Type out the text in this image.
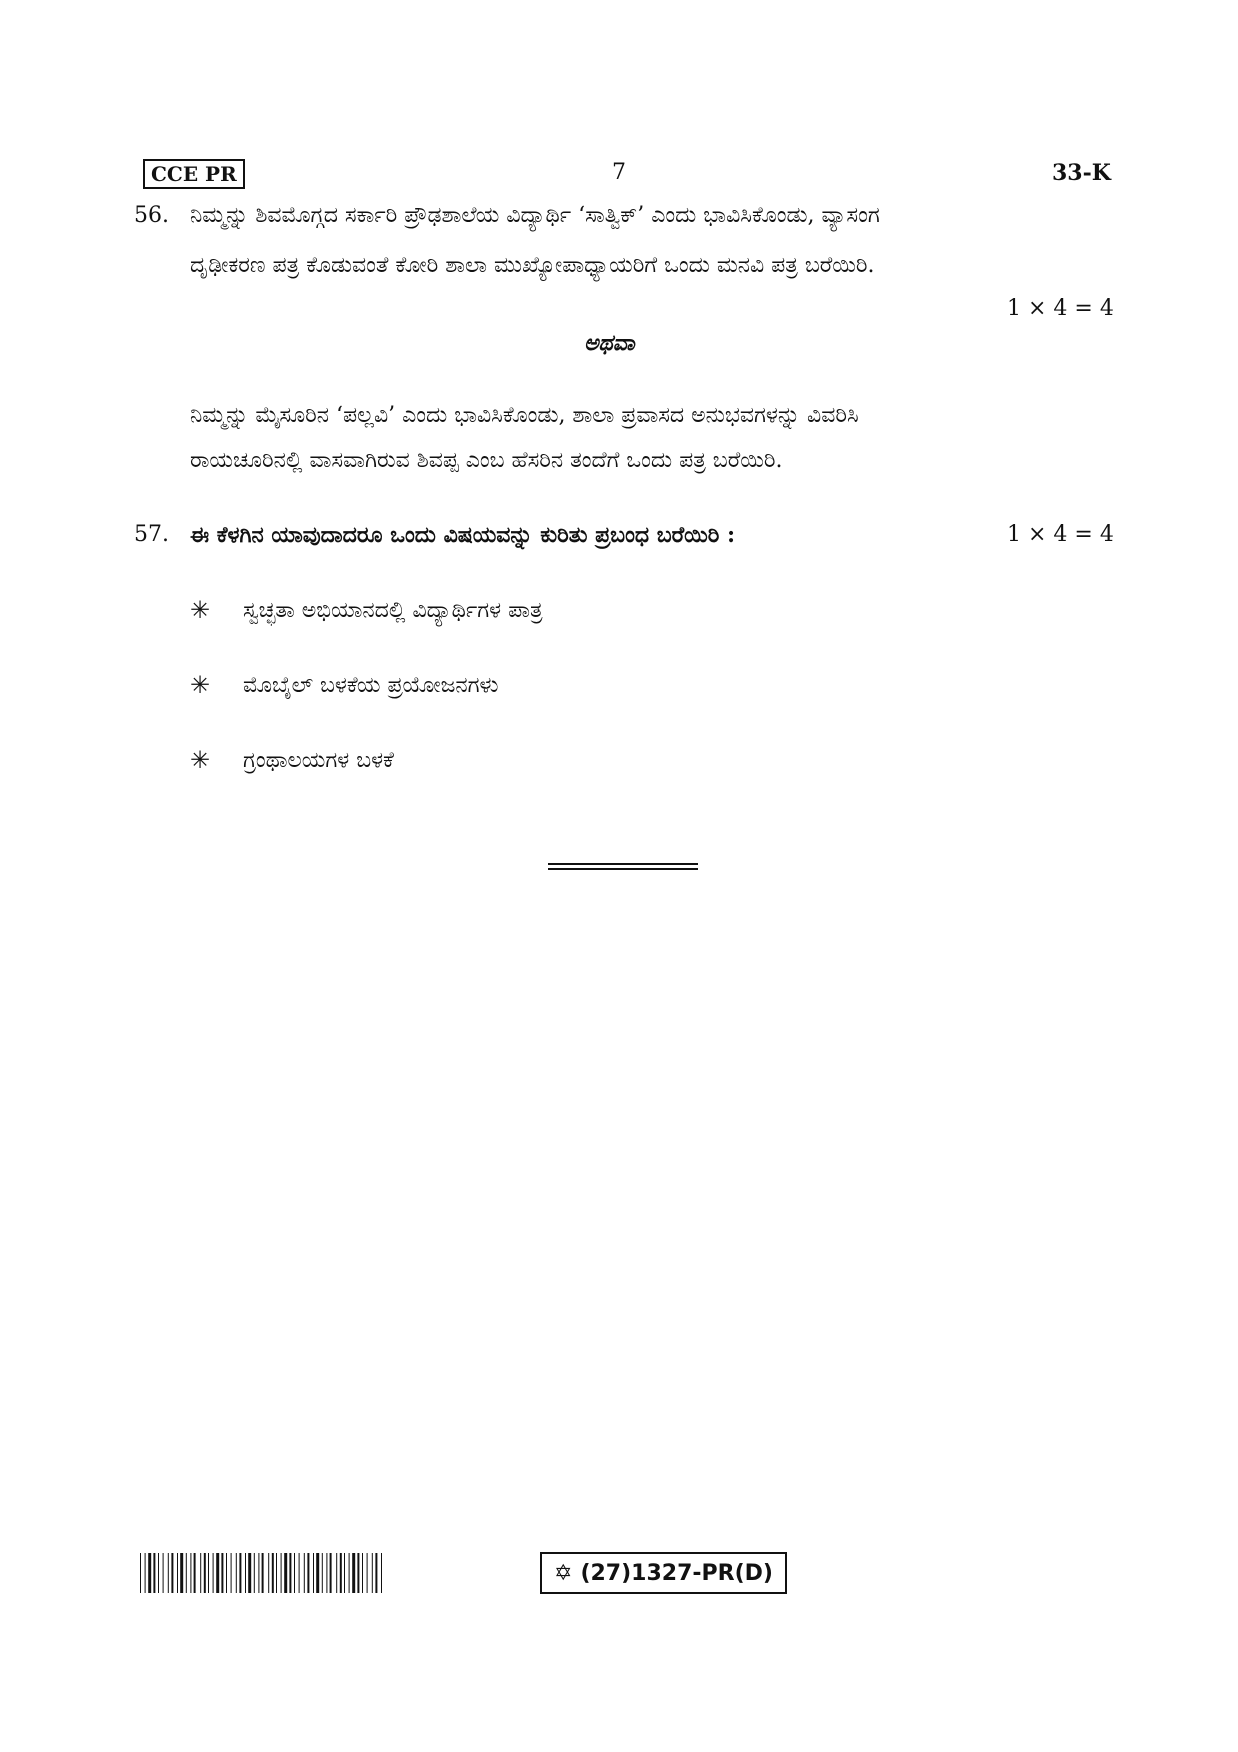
CCE PR	7	33-K
56. ನಿಮ್ಮನ್ನು ಶಿವಮೊಗ್ಗದ ಸರ್ಕಾರಿ ಪ್ರೌಢಶಾಲೆಯ ವಿದ್ಯಾರ್ಥಿ ‘ಸಾತ್ವಿಕ್’ ಎಂದು ಭಾವಿಸಿಕೊಂಡು, ವ್ಯಾಸಂಗ
ದೃಢೀಕರಣ ಪತ್ರ ಕೊಡುವಂತೆ ಕೋರಿ ಶಾಲಾ ಮುಖ್ಯೋಪಾಧ್ಯಾಯರಿಗೆ ಒಂದು ಮನವಿ ಪತ್ರ ಬರೆಯಿರಿ.
1 × 4 = 4
ಅಥವಾ
ನಿಮ್ಮನ್ನು ಮೈಸೂರಿನ ‘ಪಲ್ಲವಿ’ ಎಂದು ಭಾವಿಸಿಕೊಂಡು, ಶಾಲಾ ಪ್ರವಾಸದ ಅನುಭವಗಳನ್ನು ವಿವರಿಸಿ
ರಾಯಚೂರಿನಲ್ಲಿ ವಾಸವಾಗಿರುವ ಶಿವಪ್ಪ ಎಂಬ ಹೆಸರಿನ ತಂದೆಗೆ ಒಂದು ಪತ್ರ ಬರೆಯಿರಿ.
57. ಈ ಕೆಳಗಿನ ಯಾವುದಾದರೂ ಒಂದು ವಿಷಯವನ್ನು ಕುರಿತು ಪ್ರಬಂಧ ಬರೆಯಿರಿ :	1 × 4 = 4
✳ ಸ್ವಚ್ಛತಾ ಅಭಿಯಾನದಲ್ಲಿ ವಿದ್ಯಾರ್ಥಿಗಳ ಪಾತ್ರ
✳ ಮೊಬೈಲ್ ಬಳಕೆಯ ಪ್ರಯೋಜನಗಳು
✳ ಗ್ರಂಥಾಲಯಗಳ ಬಳಕೆ
✡ (27)1327-PR(D)
